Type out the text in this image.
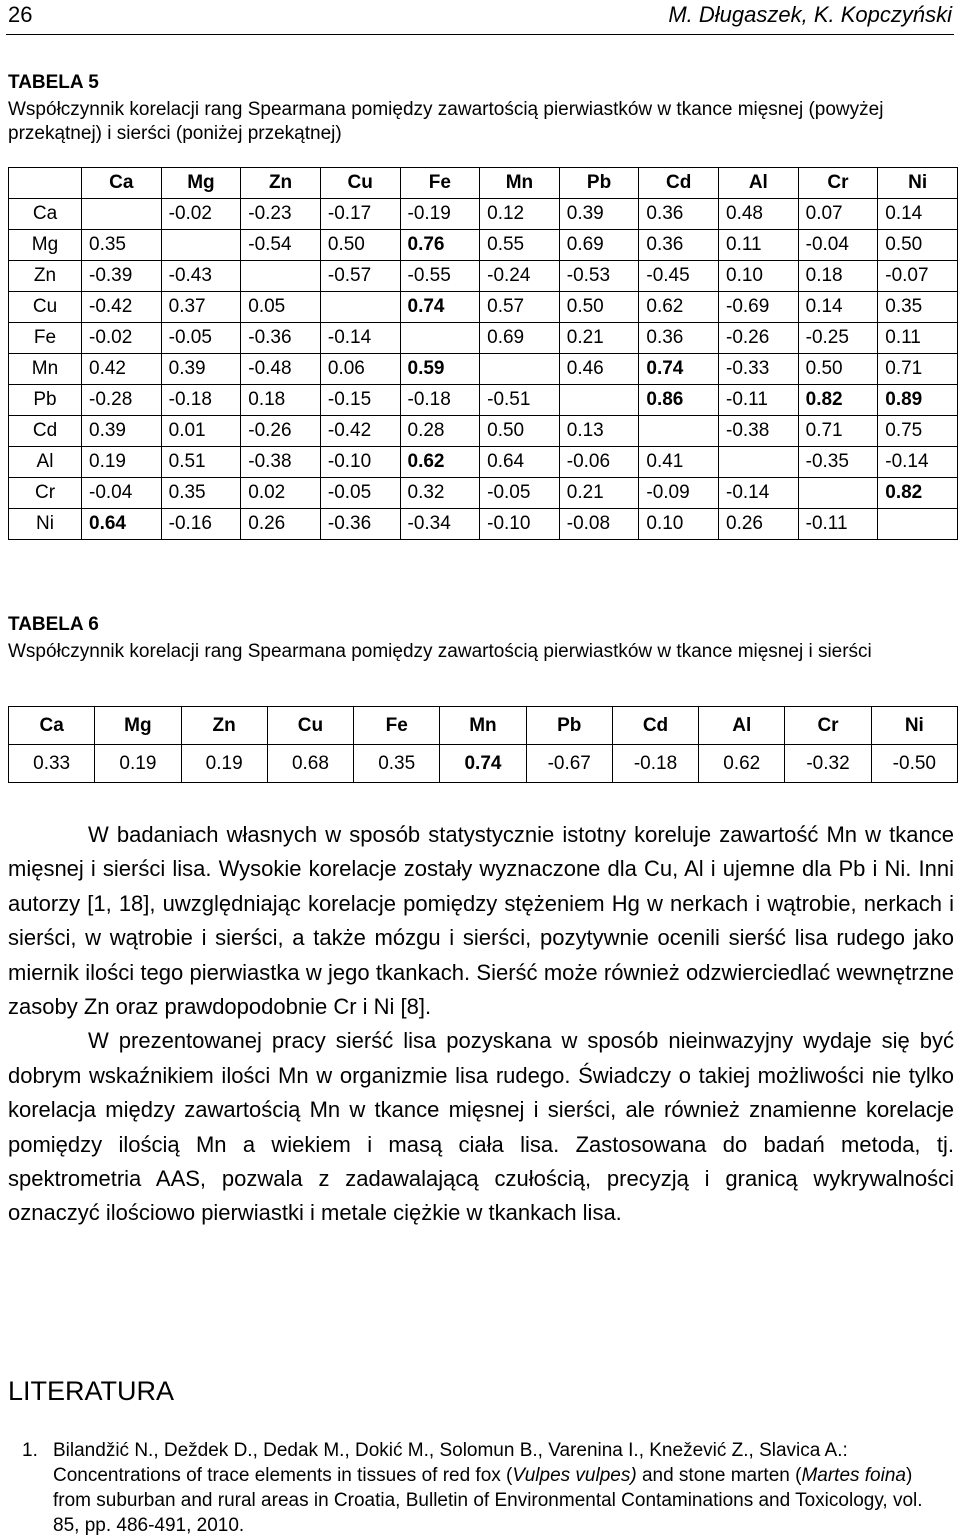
26	M. Długaszek, K. Kopczyński
TABELA 5
Współczynnik korelacji rang Spearmana pomiędzy zawartością pierwiastków w tkance mięsnej (powyżej przekątnej) i sierści (poniżej przekątnej)
	Ca	Mg	Zn	Cu	Fe	Mn	Pb	Cd	Al	Cr	Ni
Ca		-0.02	-0.23	-0.17	-0.19	0.12	0.39	0.36	0.48	0.07	0.14
Mg	0.35		-0.54	0.50	0.76	0.55	0.69	0.36	0.11	-0.04	0.50
Zn	-0.39	-0.43		-0.57	-0.55	-0.24	-0.53	-0.45	0.10	0.18	-0.07
Cu	-0.42	0.37	0.05		0.74	0.57	0.50	0.62	-0.69	0.14	0.35
Fe	-0.02	-0.05	-0.36	-0.14		0.69	0.21	0.36	-0.26	-0.25	0.11
Mn	0.42	0.39	-0.48	0.06	0.59		0.46	0.74	-0.33	0.50	0.71
Pb	-0.28	-0.18	0.18	-0.15	-0.18	-0.51		0.86	-0.11	0.82	0.89
Cd	0.39	0.01	-0.26	-0.42	0.28	0.50	0.13		-0.38	0.71	0.75
Al	0.19	0.51	-0.38	-0.10	0.62	0.64	-0.06	0.41		-0.35	-0.14
Cr	-0.04	0.35	0.02	-0.05	0.32	-0.05	0.21	-0.09	-0.14		0.82
Ni	0.64	-0.16	0.26	-0.36	-0.34	-0.10	-0.08	0.10	0.26	-0.11	
TABELA 6
Współczynnik korelacji rang Spearmana pomiędzy zawartością pierwiastków w tkance mięsnej i sierści
Ca	Mg	Zn	Cu	Fe	Mn	Pb	Cd	Al	Cr	Ni
0.33	0.19	0.19	0.68	0.35	0.74	-0.67	-0.18	0.62	-0.32	-0.50

W badaniach własnych w sposób statystycznie istotny koreluje zawartość Mn w tkance mięsnej i sierści lisa. Wysokie korelacje zostały wyznaczone dla Cu, Al i ujemne dla Pb i Ni. Inni autorzy [1, 18], uwzględniając korelacje pomiędzy stężeniem Hg w nerkach i wątrobie, nerkach i sierści, w wątrobie i sierści, a także mózgu i sierści, pozytywnie ocenili sierść lisa rudego jako miernik ilości tego pierwiastka w jego tkankach. Sierść może również odzwierciedlać wewnętrzne zasoby Zn oraz prawdopodobnie Cr i Ni [8].

W prezentowanej pracy sierść lisa pozyskana w sposób nieinwazyjny wydaje się być dobrym wskaźnikiem ilości Mn w organizmie lisa rudego. Świadczy o takiej możliwości nie tylko korelacja między zawartością Mn w tkance mięsnej i sierści, ale również znamienne korelacje pomiędzy ilością Mn a wiekiem i masą ciała lisa. Zastosowana do badań metoda, tj. spektrometria AAS, pozwala z zadawalającą czułością, precyzją i granicą wykrywalności oznaczyć ilościowo pierwiastki i metale ciężkie w tkankach lisa.

LITERATURA
1. Bilandžić N., Deždek D., Dedak M., Dokić M., Solomun B., Varenina I., Knežević Z., Slavica A.: Concentrations of trace elements in tissues of red fox (Vulpes vulpes) and stone marten (Martes foina) from suburban and rural areas in Croatia, Bulletin of Environmental Contaminations and Toxicology, vol. 85, pp. 486-491, 2010.
